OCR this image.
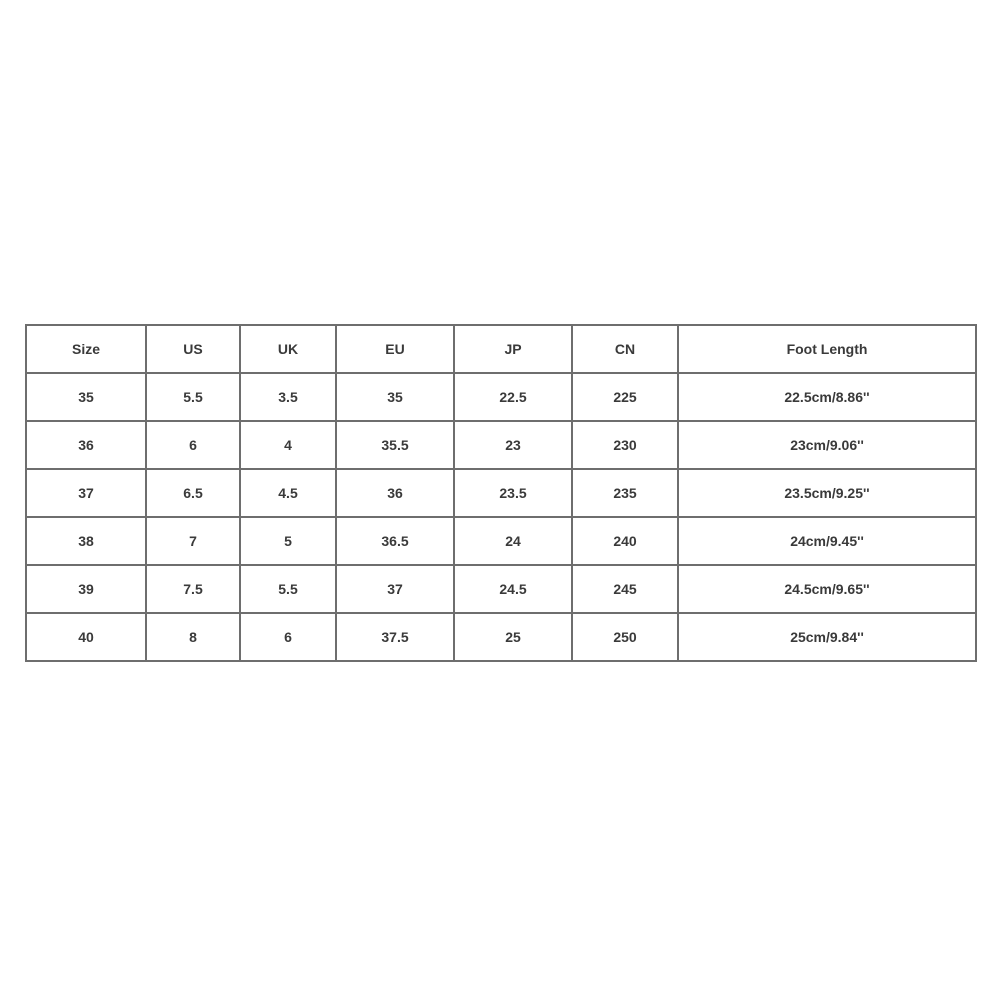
Size	US	UK	EU	JP	CN	Foot Length
35	5.5	3.5	35	22.5	225	22.5cm/8.86''
36	6	4	35.5	23	230	23cm/9.06''
37	6.5	4.5	36	23.5	235	23.5cm/9.25''
38	7	5	36.5	24	240	24cm/9.45''
39	7.5	5.5	37	24.5	245	24.5cm/9.65''
40	8	6	37.5	25	250	25cm/9.84''
